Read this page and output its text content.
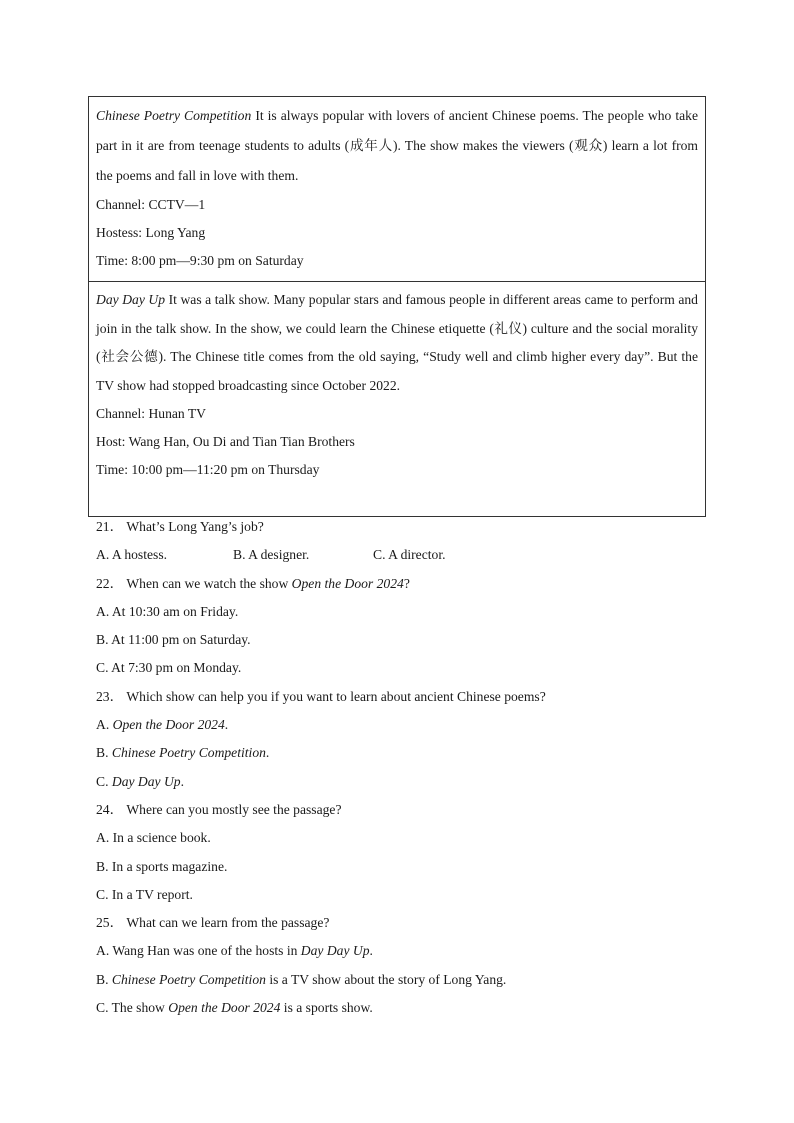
Chinese Poetry Competition It is always popular with lovers of ancient Chinese poems. The people who take part in it are from teenage students to adults (成年人). The show makes the viewers (观众) learn a lot from the poems and fall in love with them.

Channel: CCTV—1

Hostess: Long Yang

Time: 8:00 pm—9:30 pm on Saturday

Day Day Up It was a talk show. Many popular stars and famous people in different areas came to perform and join in the talk show. In the show, we could learn the Chinese etiquette (礼仪) culture and the social morality (社会公德). The Chinese title comes from the old saying, “Study well and climb higher every day”. But the TV show had stopped broadcasting since October 2022.

Channel: Hunan TV

Host: Wang Han, Ou Di and Tian Tian Brothers

Time: 10:00 pm—11:20 pm on Thursday

21． What’s Long Yang’s job?

A. A hostess.	B. A designer.	C. A director.

22． When can we watch the show Open the Door 2024?

A. At 10:30 am on Friday.

B. At 11:00 pm on Saturday.

C. At 7:30 pm on Monday.

23． Which show can help you if you want to learn about ancient Chinese poems?

A. Open the Door 2024.

B. Chinese Poetry Competition.

C. Day Day Up.

24． Where can you mostly see the passage?

A. In a science book.

B. In a sports magazine.

C. In a TV report.

25． What can we learn from the passage?

A. Wang Han was one of the hosts in Day Day Up.

B. Chinese Poetry Competition is a TV show about the story of Long Yang.

C. The show Open the Door 2024 is a sports show.
